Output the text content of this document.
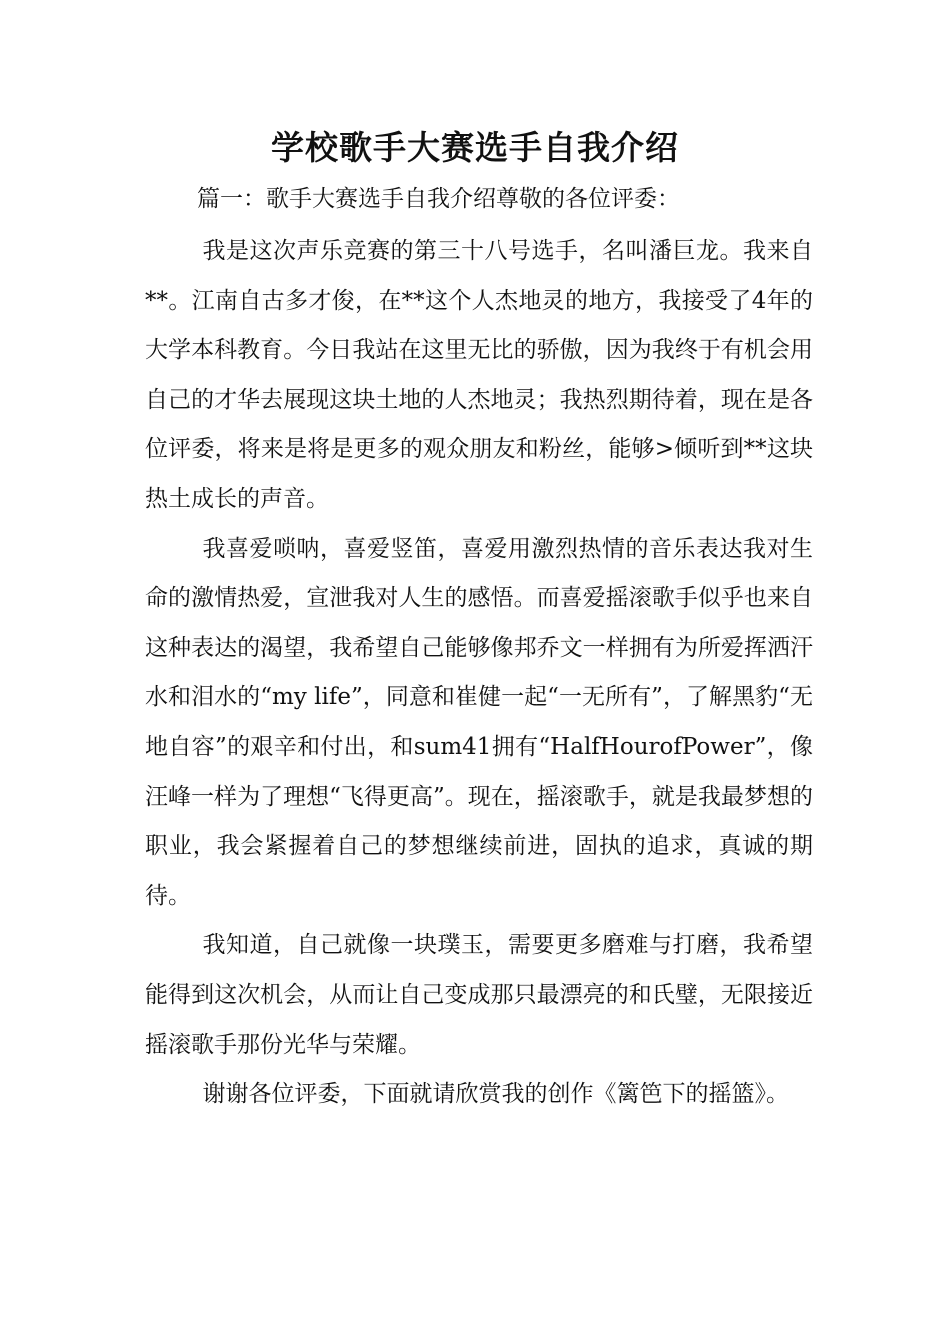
学校歌手大赛选手自我介绍
篇一：歌手大赛选手自我介绍尊敬的各位评委：

我是这次声乐竞赛的第三十八号选手，名叫潘巨龙。我来自**。江南自古多才俊，在**这个人杰地灵的地方，我接受了4年的大学本科教育。今日我站在这里无比的骄傲，因为我终于有机会用自己的才华去展现这块土地的人杰地灵；我热烈期待着，现在是各位评委，将来是将是更多的观众朋友和粉丝，能够>倾听到**这块热土成长的声音。

我喜爱唢呐，喜爱竖笛，喜爱用激烈热情的音乐表达我对生命的激情热爱，宣泄我对人生的感悟。而喜爱摇滚歌手似乎也来自这种表达的渴望，我希望自己能够像邦乔文一样拥有为所爱挥洒汗水和泪水的“my life”，同意和崔健一起“一无所有”，了解黑豹“无地自容”的艰辛和付出，和sum41拥有“HalfHourofPower”，像汪峰一样为了理想“飞得更高”。现在，摇滚歌手，就是我最梦想的职业，我会紧握着自己的梦想继续前进，固执的追求，真诚的期待。

我知道，自己就像一块璞玉，需要更多磨难与打磨，我希望能得到这次机会，从而让自己变成那只最漂亮的和氏璧，无限接近摇滚歌手那份光华与荣耀。

谢谢各位评委，下面就请欣赏我的创作《篱笆下的摇篮》。
